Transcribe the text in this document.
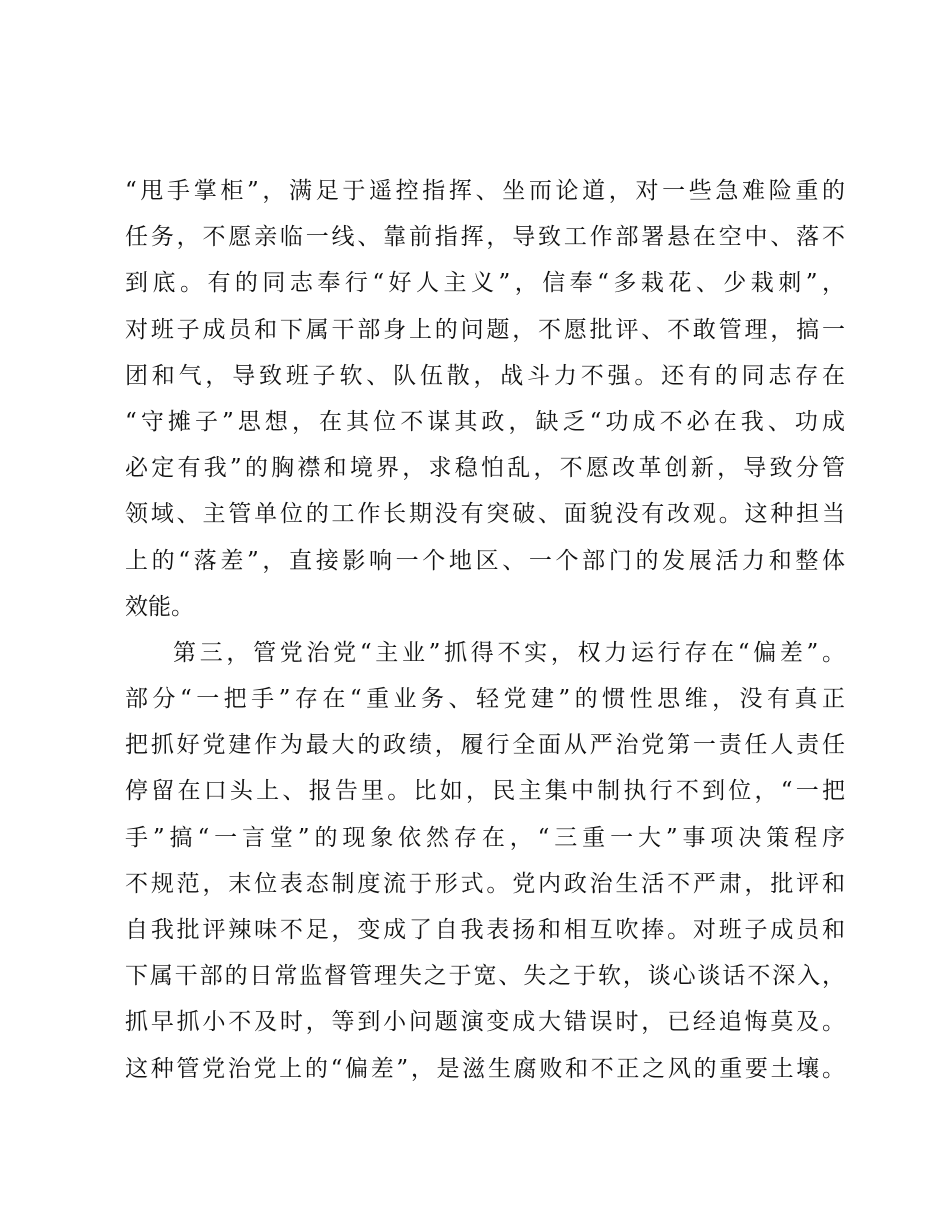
“甩手掌柜”，满足于遥控指挥、坐而论道，对一些急难险重的
任务，不愿亲临一线、靠前指挥，导致工作部署悬在空中、落不
到底。有的同志奉行“好人主义”，信奉“多栽花、少栽刺”，
对班子成员和下属干部身上的问题，不愿批评、不敢管理，搞一
团和气，导致班子软、队伍散，战斗力不强。还有的同志存在
“守摊子”思想，在其位不谋其政，缺乏“功成不必在我、功成
必定有我”的胸襟和境界，求稳怕乱，不愿改革创新，导致分管
领域、主管单位的工作长期没有突破、面貌没有改观。这种担当
上的“落差”，直接影响一个地区、一个部门的发展活力和整体
效能。
第三，管党治党“主业”抓得不实，权力运行存在“偏差”。
部分“一把手”存在“重业务、轻党建”的惯性思维，没有真正
把抓好党建作为最大的政绩，履行全面从严治党第一责任人责任
停留在口头上、报告里。比如，民主集中制执行不到位，“一把
手”搞“一言堂”的现象依然存在，“三重一大”事项决策程序
不规范，末位表态制度流于形式。党内政治生活不严肃，批评和
自我批评辣味不足，变成了自我表扬和相互吹捧。对班子成员和
下属干部的日常监督管理失之于宽、失之于软，谈心谈话不深入，
抓早抓小不及时，等到小问题演变成大错误时，已经追悔莫及。
这种管党治党上的“偏差”，是滋生腐败和不正之风的重要土壤。
